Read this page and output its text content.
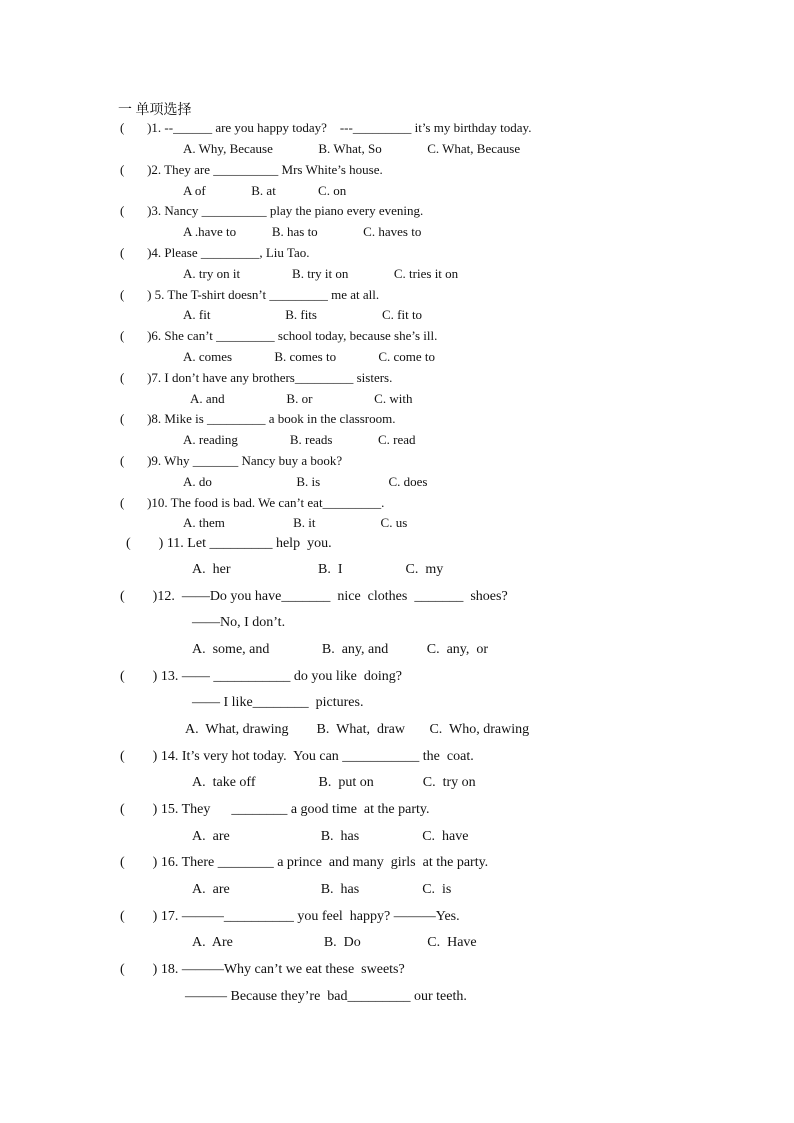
一 单项选择
(       )1. --______ are you happy today?    ---_________ it’s my birthday today.
A. Why, Because              B. What, So              C. What, Because
(       )2. They are __________ Mrs White’s house.
A of              B. at             C. on
(       )3. Nancy __________ play the piano every evening.
A .have to           B. has to              C. haves to
(       )4. Please _________, Liu Tao.
A. try on it                B. try it on              C. tries it on
(       ) 5. The T-shirt doesn’t _________ me at all.
A. fit                       B. fits                    C. fit to
(       )6. She can’t _________ school today, because she’s ill.
A. comes             B. comes to             C. come to
(       )7. I don’t have any brothers_________ sisters.
A. and                   B. or                   C. with
(       )8. Mike is _________ a book in the classroom.
A. reading                B. reads              C. read
(       )9. Why _______ Nancy buy a book?
A. do                          B. is                     C. does
(       )10. The food is bad. We can’t eat_________.
A. them                     B. it                    C. us
(        ) 11. Let _________ help  you.
A.  her                         B.  I                  C.  my
(        )12.  ——Do you have_______  nice  clothes  _______  shoes?
——No, I don’t.
A.  some, and               B.  any, and           C.  any,  or
(        ) 13. —— ___________ do you like  doing?
—— I like________  pictures.
A.  What, drawing        B.  What,  draw       C.  Who, drawing
(        ) 14. It’s very hot today.  You can ___________ the  coat.
A.  take off                  B.  put on              C.  try on
(        ) 15. They      ________ a good time  at the party.
A.  are                          B.  has                  C.  have
(        ) 16. There ________ a prince  and many  girls  at the party.
A.  are                          B.  has                  C.  is
(        ) 17. ———__________ you feel  happy? ———Yes.
A.  Are                          B.  Do                   C.  Have
(        ) 18. ———Why can’t we eat these  sweets?
——— Because they’re  bad_________ our teeth.
